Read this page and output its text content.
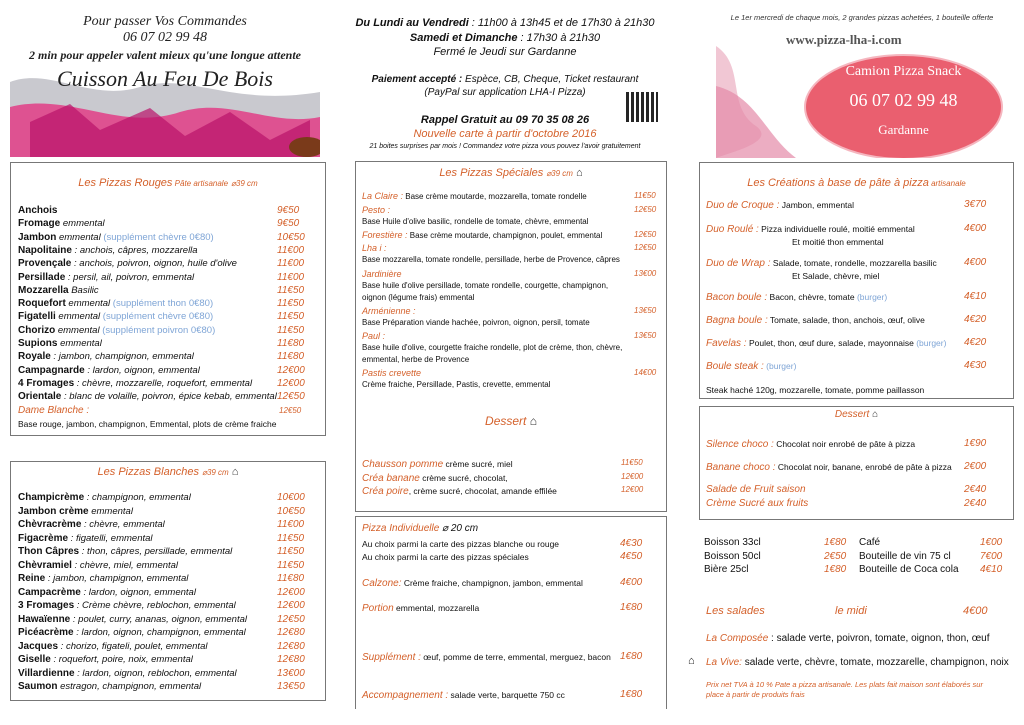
Pour passer Vos Commandes
06 07 02 99 48
2 min pour appeler valent mieux qu'une longue attente
Cuisson Au Feu De Bois
Le 1er mercredi de chaque mois, 2 grandes pizzas achetées, 1 bouteille offerte
www.pizza-lha-i.com
Camion Pizza Snack
06 07 02 99 48
Gardanne
Du Lundi au Vendredi : 11h00 à 13h45 et de 17h30 à 21h30
Samedi et Dimanche : 17h30 à 21h30
Fermé le Jeudi sur Gardanne
Paiement accepté : Espèce, CB, Cheque, Ticket restaurant
(PayPal sur application LHA-I Pizza)
Rappel Gratuit au 09 70 35 08 26
Nouvelle carte à partir d'octobre 2016
21 boites surprises par mois ! Commandez votre pizza vous pouvez l'avoir gratuitement
Les Pizzas Rouges Pâte artisanale ⌀39 cm
Anchois	9€50
Fromage emmental	9€50
Jambon emmental (supplément chèvre 0€80)	10€50
Napolitaine : anchois, câpres, mozzarella	11€00
Provençale : anchois, poivron, oignon, huile d'olive	11€00
Persillade : persil, ail, poivron, emmental	11€00
Mozzarella Basilic	11€50
Roquefort emmental (supplément thon 0€80)	11€50
Figatelli emmental (supplément chèvre 0€80)	11€50
Chorizo emmental (supplément poivron 0€80)	11€50
Supions emmental	11€80
Royale : jambon, champignon, emmental	11€80
Campagnarde : lardon, oignon, emmental	12€00
4 Fromages : chèvre, mozzarelle, roquefort, emmental 12€00
Orientale : blanc de volaille, poivron, épice kebab, emmental 12€50
Dame Blanche :	12€50
Base rouge, jambon, champignon, Emmental, plots de crème fraiche
Les Pizzas Blanches ⌀39 cm ⌂
Champicrème : champignon, emmental	10€00
Jambon crème emmental	10€50
Chèvracrème : chèvre, emmental	11€00
Figacrème : figatelli, emmental	11€50
Thon Câpres : thon, câpres, persillade, emmental	11€50
Chèvramiel : chèvre, miel, emmental	11€50
Reine : jambon, champignon, emmental	11€80
Campacrème : lardon, oignon, emmental	12€00
3 Fromages : Crème chèvre, reblochon, emmental	12€00
Hawaïenne : poulet, curry, ananas, oignon, emmental	12€50
Picéacrème : lardon, oignon, champignon, emmental	12€80
Jacques : chorizo, figateli, poulet, emmental	12€80
Giselle : roquefort, poire, noix, emmental	12€80
Villardienne : lardon, oignon, reblochon, emmental	13€00
Saumon estragon, champignon, emmental	13€50
Les Pizzas Spéciales ⌀39 cm ⌂
La Claire : Base crème moutarde, mozzarella, tomate rondelle	11€50
Pesto :	12€50
Base Huile d'olive basilic, rondelle de tomate, chèvre, emmental
Forestière : Base crème moutarde, champignon, poulet, emmental	12€50
Lha i :	12€50
Base mozzarella, tomate rondelle, persillade, herbe de Provence, câpres
Jardinière	13€00
Base huile d'olive persillade, tomate rondelle, courgette, champignon,
oignon (légume frais) emmental
Arménienne :	13€50
Base Préparation viande hachée, poivron, oignon, persil, tomate
Paul :	13€50
Base huile d'olive, courgette fraiche rondelle, plot de crème, thon, chèvre,
emmental, herbe de Provence
Pastis crevette	14€00
Crème fraiche, Persillade, Pastis, crevette, emmental
Dessert ⌂
Chausson pomme crème sucré, miel	11€50
Créa banane crème sucré, chocolat,	12€00
Créa poire, crème sucré, chocolat, amande effilée	12€00
Pizza Individuelle ⌀ 20 cm
Au choix parmi la carte des pizzas blanche ou rouge	4€30
Au choix parmi la carte des pizzas spéciales	4€50
Calzone: Crème fraiche, champignon, jambon, emmental	4€00
Portion emmental, mozzarella	1€80
Supplément : œuf, pomme de terre, emmental, merguez, bacon 1€80
Accompagnement : salade verte, barquette 750 cc	1€80
Les Créations à base de pâte à pizza artisanale
Duo de Croque : Jambon, emmental	3€70
Duo Roulé : Pizza individuelle roulé, moitié emmental	4€00
Et moitié thon emmental
Duo de Wrap : Salade, tomate, rondelle, mozzarella basilic	4€00
Et Salade, chèvre, miel
Bacon boule : Bacon, chèvre, tomate (burger)	4€10
Bagna boule : Tomate, salade, thon, anchois, œuf, olive	4€20
Favelas : Poulet, thon, œuf dure, salade, mayonnaise (burger) 4€20
Boule steak : (burger)	4€30
Steak haché 120g, mozzarelle, tomate, pomme paillasson
Dessert ⌂
Silence choco : Chocolat noir enrobé de pâte à pizza	1€90
Banane choco : Chocolat noir, banane, enrobé de pâte à pizza 2€00
Salade de Fruit saison	2€40
Crème Sucré aux fruits	2€40
Boisson 33cl	1€80 Café	1€00
Boisson 50cl	2€50 Bouteille de vin 75 cl	7€00
Bière 25cl	1€80 Bouteille de Coca cola 4€10
Les salades	le midi	4€00
La Composée : salade verte, poivron, tomate, oignon, thon, œuf
⌂ La Vive: salade verte, chèvre, tomate, mozzarelle, champignon, noix
Prix net TVA à 10 % Pate a pizza artisanale. Les plats fait maison sont élaborés sur
place à partir de produits frais
